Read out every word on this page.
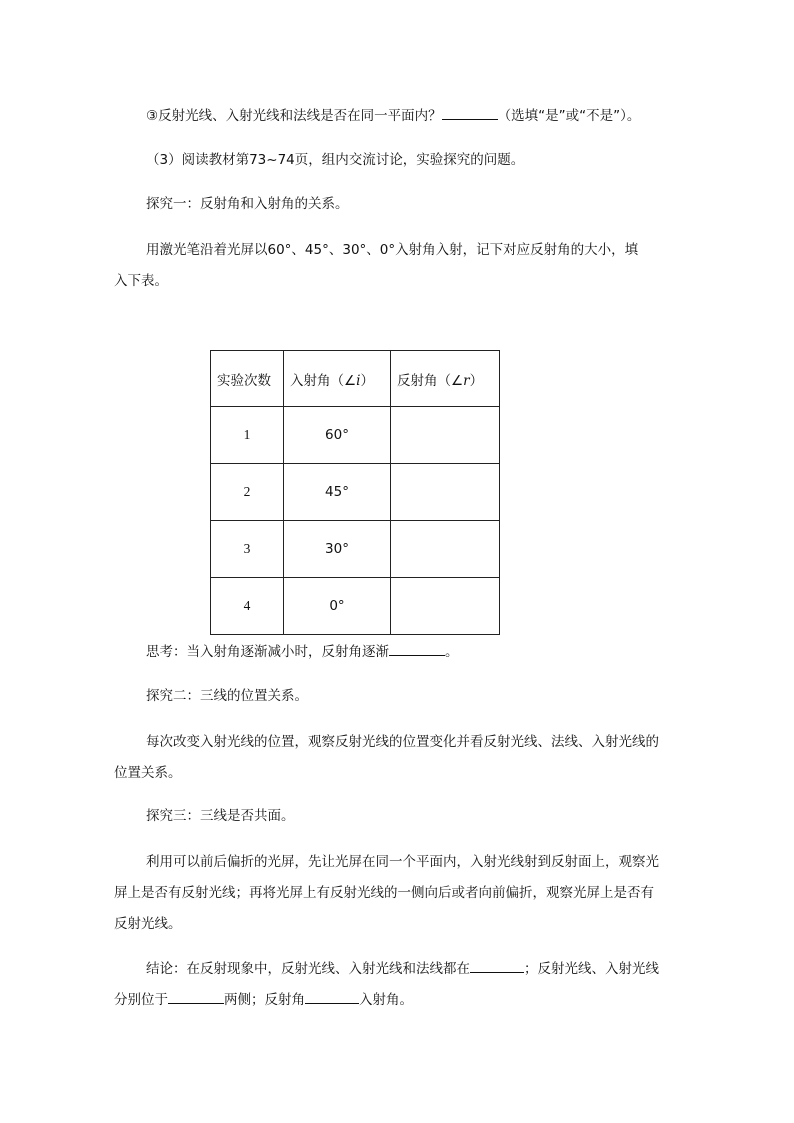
③反射光线、入射光线和法线是否在同一平面内？	（选填“是”或“不是”）。
（3）阅读教材第73~74页，组内交流讨论，实验探究的问题。
探究一：反射角和入射角的关系。
用激光笔沿着光屏以60°、45°、30°、0°入射角入射，记下对应反射角的大小，填
入下表。
实验次数	入射角（∠i）	反射角（∠r）
1	60°	
2	45°	
3	30°	
4	0°	
思考：当入射角逐渐减小时，反射角逐渐	。
探究二：三线的位置关系。
每次改变入射光线的位置，观察反射光线的位置变化并看反射光线、法线、入射光线的
位置关系。
探究三：三线是否共面。
利用可以前后偏折的光屏，先让光屏在同一个平面内，入射光线射到反射面上，观察光
屏上是否有反射光线；再将光屏上有反射光线的一侧向后或者向前偏折，观察光屏上是否有
反射光线。
结论：在反射现象中，反射光线、入射光线和法线都在	；反射光线、入射光线
分别位于	两侧；反射角	入射角。
